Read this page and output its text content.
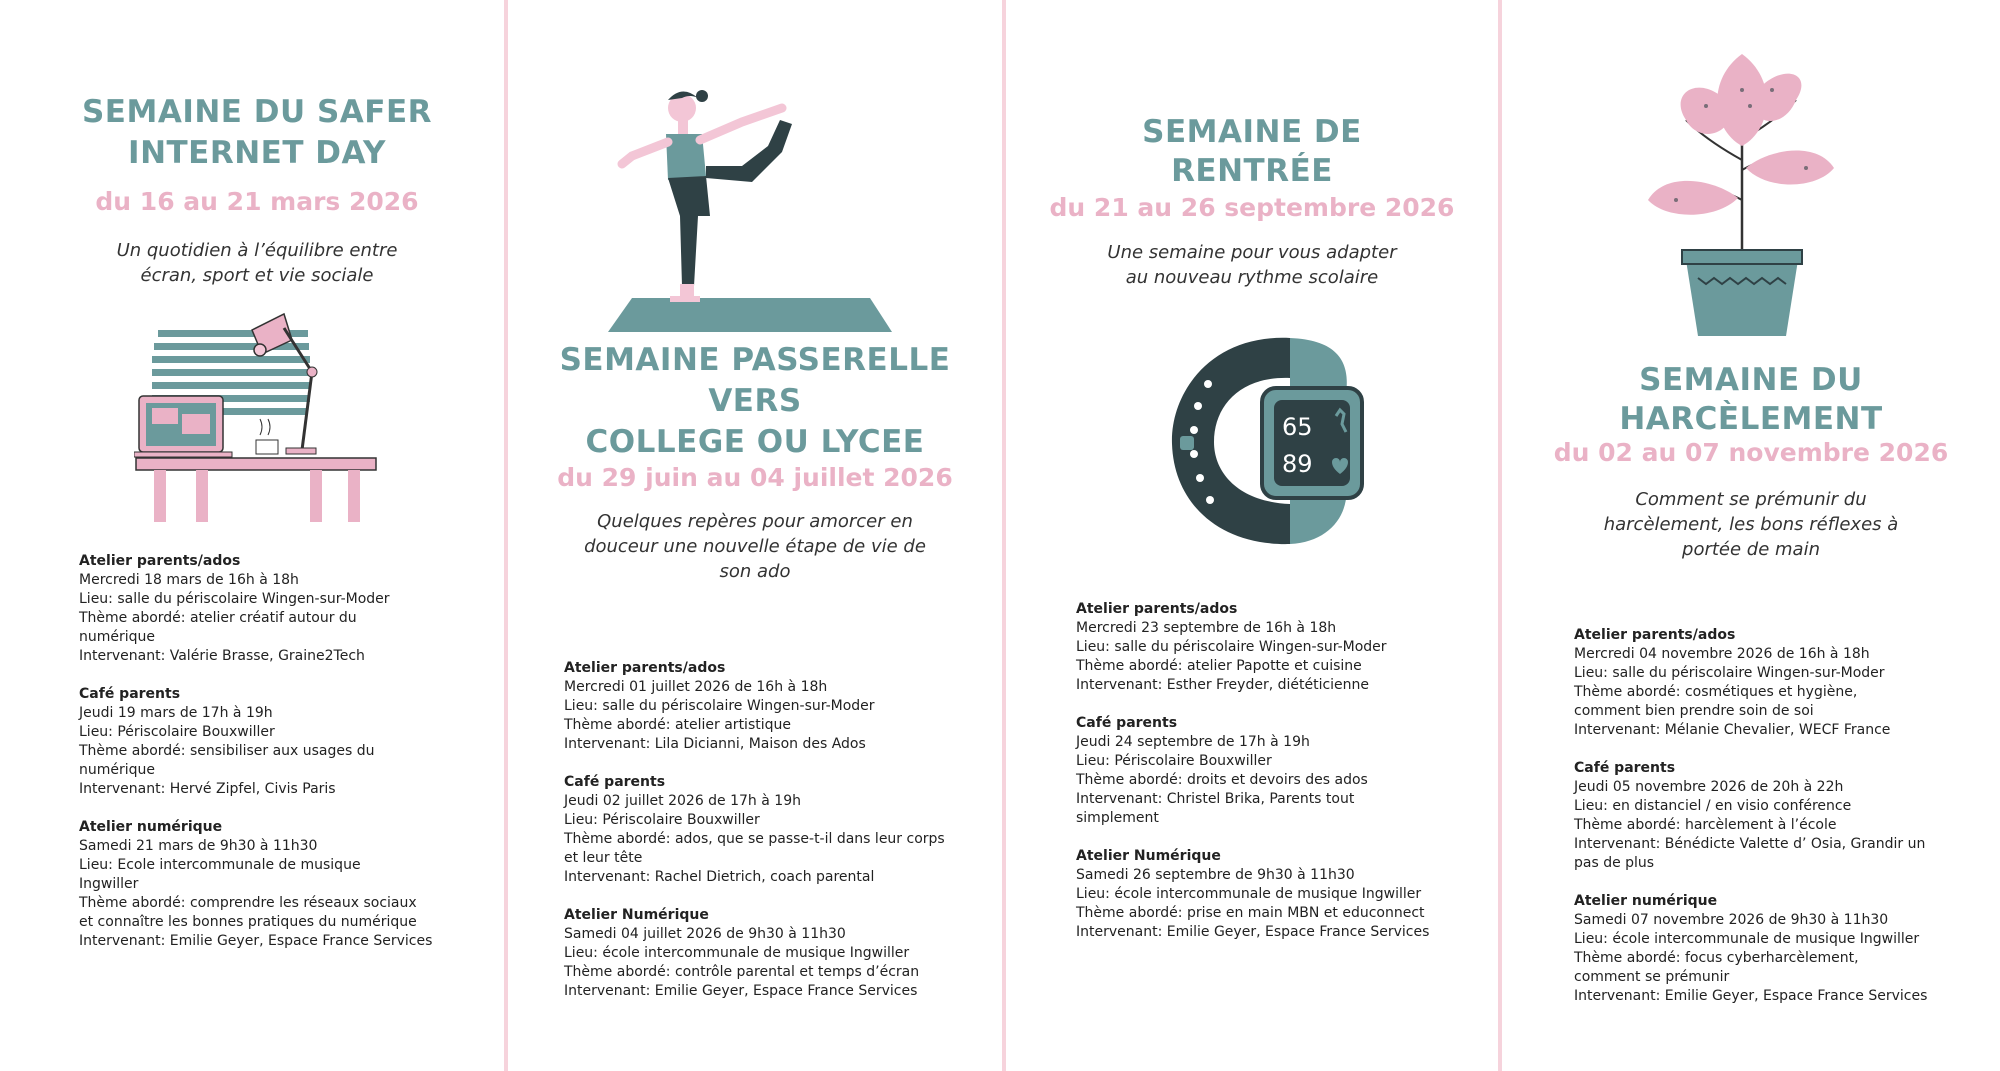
SEMAINE DU SAFER
INTERNET DAY

du 16 au 21 mars 2026

Un quotidien à l’équilibre entre
écran, sport et vie sociale

Atelier parents/ados
Mercredi 18 mars de 16h à 18h
Lieu: salle du périscolaire Wingen-sur-Moder
Thème abordé: atelier créatif autour du
numérique
Intervenant: Valérie Brasse, Graine2Tech
Café parents
Jeudi 19 mars de 17h à 19h
Lieu: Périscolaire Bouxwiller
Thème abordé: sensibiliser aux usages du
numérique
Intervenant: Hervé Zipfel, Civis Paris
Atelier numérique
Samedi 21 mars de 9h30 à 11h30
Lieu: Ecole intercommunale de musique
Ingwiller
Thème abordé: comprendre les réseaux sociaux
et connaître les bonnes pratiques du numérique
Intervenant: Emilie Geyer, Espace France Services
SEMAINE PASSERELLE
VERS
COLLEGE OU LYCEE

du 29 juin au 04 juillet 2026

Quelques repères pour amorcer en
douceur une nouvelle étape de vie de
son ado

Atelier parents/ados
Mercredi 01 juillet 2026 de 16h à 18h
Lieu: salle du périscolaire Wingen-sur-Moder
Thème abordé: atelier artistique
Intervenant: Lila Dicianni, Maison des Ados
Café parents
Jeudi 02 juillet 2026 de 17h à 19h
Lieu: Périscolaire Bouxwiller
Thème abordé: ados, que se passe-t-il dans leur corps
et leur tête
Intervenant: Rachel Dietrich, coach parental
Atelier Numérique
Samedi 04 juillet 2026 de 9h30 à 11h30
Lieu: école intercommunale de musique Ingwiller
Thème abordé: contrôle parental et temps d’écran
Intervenant: Emilie Geyer, Espace France Services
SEMAINE DE
RENTRÉE

du 21 au 26 septembre 2026

Une semaine pour vous adapter
au nouveau rythme scolaire

65
89
Atelier parents/ados
Mercredi 23 septembre de 16h à 18h
Lieu: salle du périscolaire Wingen-sur-Moder
Thème abordé: atelier Papotte et cuisine
Intervenant: Esther Freyder, diététicienne
Café parents
Jeudi 24 septembre de 17h à 19h
Lieu: Périscolaire Bouxwiller
Thème abordé: droits et devoirs des ados
Intervenant: Christel Brika, Parents tout
simplement
Atelier Numérique
Samedi 26 septembre de 9h30 à 11h30
Lieu: école intercommunale de musique Ingwiller
Thème abordé: prise en main MBN et educonnect
Intervenant: Emilie Geyer, Espace France Services
SEMAINE DU
HARCÈLEMENT

du 02 au 07 novembre 2026

Comment se prémunir du
harcèlement, les bons réflexes à
portée de main

Atelier parents/ados
Mercredi 04 novembre 2026 de 16h à 18h
Lieu: salle du périscolaire Wingen-sur-Moder
Thème abordé: cosmétiques et hygiène,
comment bien prendre soin de soi
Intervenant: Mélanie Chevalier, WECF France
Café parents
Jeudi 05 novembre 2026 de 20h à 22h
Lieu: en distanciel / en visio conférence
Thème abordé: harcèlement à l’école
Intervenant: Bénédicte Valette d’ Osia, Grandir un
pas de plus
Atelier numérique
Samedi 07 novembre 2026 de 9h30 à 11h30
Lieu: école intercommunale de musique Ingwiller
Thème abordé: focus cyberharcèlement,
comment se prémunir
Intervenant: Emilie Geyer, Espace France Services
